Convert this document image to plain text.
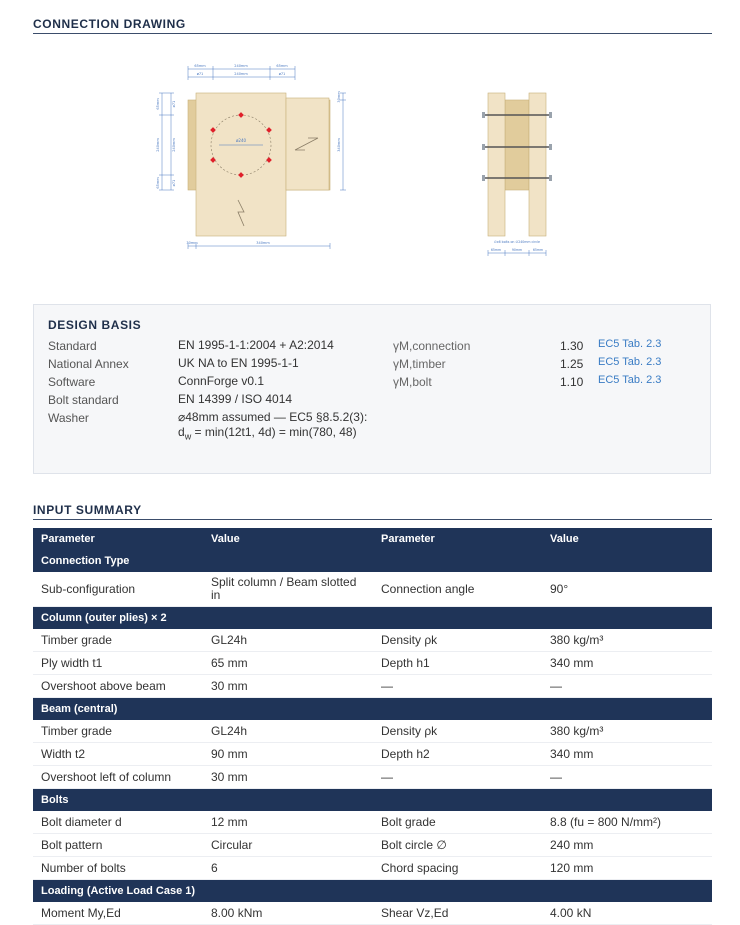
CONNECTION DRAWING
ø240
65mm	240mm	65mm
ø71	240mm	ø71
65mm
240mm
65mm
ø71
240mm
ø71
30mm
340mm
30mm	340mm	∅x6 bolts on ∅240mm circle
65mm	90mm	65mm
DESIGN BASIS
Standard	EN 1995-1-1:2004 + A2:2014
National Annex	UK NA to EN 1995-1-1
Software	ConnForge v0.1
Bolt standard	EN 14399 / ISO 4014
Washer	⌀48mm assumed — EC5 §8.5.2(3):
$d_w = \min(12t1$, 4d) = min(780, 48)
γM,connection	1.30 EC5 Tab. 2.3
γM,timber	1.25 EC5 Tab. 2.3
γM,bolt	1.10 EC5 Tab. 2.3
INPUT SUMMARY
Parameter	Value	Parameter	Value
Connection Type			
Sub-configuration	Split column / Beam slotted in	Connection angle	90°
Column (outer plies) × 2			
Timber grade	GL24h	Density ρk	380 kg/m³
Ply width t1	65 mm	Depth h1	340 mm
Overshoot above beam	30 mm	—	—
Beam (central)			
Timber grade	GL24h	Density ρk	380 kg/m³
Width t2	90 mm	Depth h2	340 mm
Overshoot left of column	30 mm	—	—
Bolts			
Bolt diameter d	12 mm	Bolt grade	8.8 (fu = 800 N/mm²)
Bolt pattern	Circular	Bolt circle ∅	240 mm
Number of bolts	6	Chord spacing	120 mm
Loading (Active Load Case 1)			
Moment My,Ed	8.00 kNm	Shear Vz,Ed	4.00 kN
